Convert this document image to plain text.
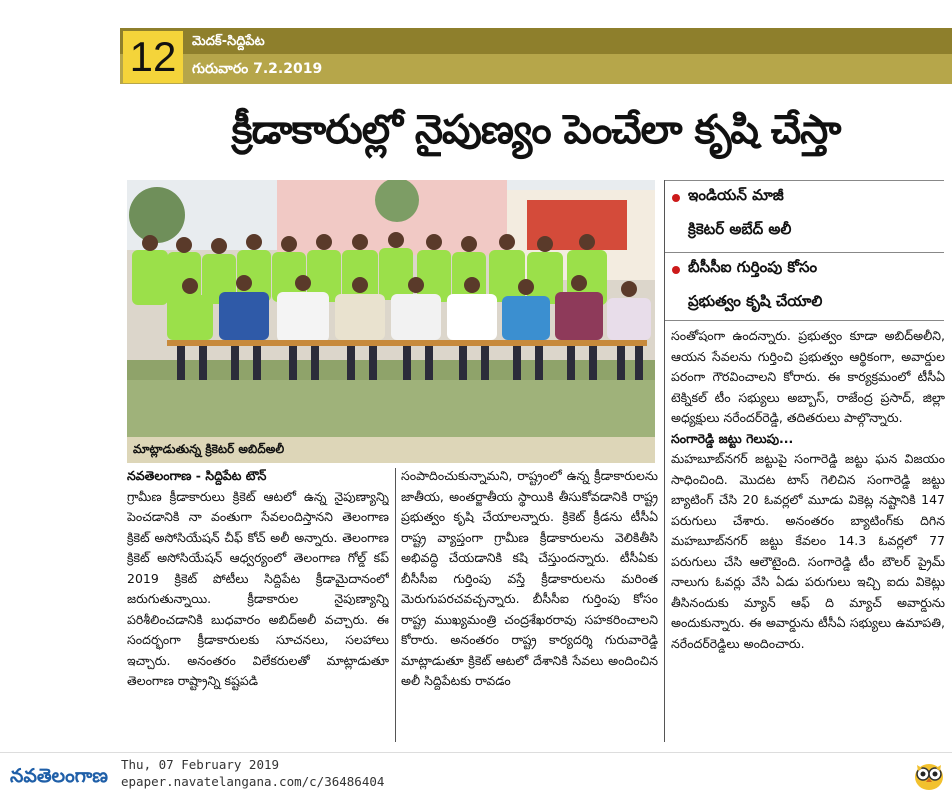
12	మెదక్-సిద్దిపేట
గురువారం 7.2.2019
క్రీడాకారుల్లో నైపుణ్యం పెంచేలా కృషి చేస్తా
మాట్లాడుతున్న క్రికెటర్ అబిద్‌అలీ
ఇండియన్ మాజీ
క్రికెటర్ అబేద్ అలీ
బీసీసీఐ గుర్తింపు కోసం
ప్రభుత్వం కృషి చేయాలి

నవతెలంగాణ - సిద్దిపేట టౌన్

గ్రామీణ క్రీడాకారులు క్రికెట్ ఆటలో ఉన్న నైపుణ్యాన్ని పెంచడానికి నా వంతుగా సేవలందిస్తానని తెలంగాణ క్రికెట్ అసోసియేషన్ చీఫ్ కోచ్ అలీ అన్నారు. తెలంగాణ క్రికెట్ అసోసియేషన్ ఆధ్వర్యంలో తెలంగాణ గోల్డ్ కప్ 2019 క్రికెట్ పోటీలు సిద్దిపేట క్రీడామైదానంలో జరుగుతున్నాయి. క్రీడాకారుల నైపుణ్యాన్ని పరిశీలించడానికి బుధవారం అబిద్‌అలీ వచ్చారు. ఈ సందర్భంగా క్రీడాకారులకు సూచనలు, సలహాలు ఇచ్చారు. అనంతరం విలేకరులతో మాట్లాడుతూ తెలంగాణ రాష్ట్రాన్ని కష్టపడి

సంపాదించుకున్నామని, రాష్ట్రంలో ఉన్న క్రీడాకారులను జాతీయ, అంతర్జాతీయ స్థాయికి తీసుకోవడానికి రాష్ట్ర ప్రభుత్వం కృషి చేయాలన్నారు. క్రికెట్ క్రీడను టీసీఏ రాష్ట్ర వ్యాప్తంగా గ్రామీణ క్రీడాకారులను వెలికితీసి అభివద్ధి చేయడానికి కషి చేస్తుందన్నారు. టీసీఏకు బీసీసీఐ గుర్తింపు వస్తే క్రీడాకారులను మరింత మెరుగుపరచవచ్చన్నారు. బీసీసీఐ గుర్తింపు కోసం రాష్ట్ర ముఖ్యమంత్రి చంద్రశేఖరరావు సహకరించాలని కోరారు. అనంతరం రాష్ట్ర కార్యదర్శి గురువారెడ్డి మాట్లాడుతూ క్రికెట్ ఆటలో దేశానికి సేవలు అందించిన అలీ సిద్దిపేటకు రావడం

సంతోషంగా ఉందన్నారు. ప్రభుత్వం కూడా అబిద్‌అలీని, ఆయన సేవలను గుర్తించి ప్రభుత్వం ఆర్థికంగా, అవార్డుల పరంగా గౌరవించాలని కోరారు. ఈ కార్యక్రమంలో టీసీఏ టెక్నికల్ టీం సభ్యులు అబ్బాస్, రాజేంద్ర ప్రసాద్, జిల్లా అధ్యక్షులు నరేందర్‌రెడ్డి, తదితరులు పాల్గొన్నారు.

సంగారెడ్డి జట్టు గెలుపు...

మహబూబ్‌నగర్ జట్టుపై సంగారెడ్డి జట్టు ఘన విజయం సాధించింది. మొదట టాస్ గెలిచిన సంగారెడ్డి జట్టు బ్యాటింగ్ చేసి 20 ఓవర్లలో మూడు వికెట్ల నష్టానికి 147 పరుగులు చేశారు. అనంతరం బ్యాటింగ్‌కు దిగిన మహబూబ్‌నగర్ జట్టు కేవలం 14.3 ఓవర్లలో 77 పరుగులు చేసి ఆలౌటైంది. సంగారెడ్డి టీం బౌలర్ ప్రైమ్ నాలుగు ఓవర్లు వేసి ఏడు పరుగులు ఇచ్చి ఐదు వికెట్లు తీసినందుకు మ్యాన్ ఆఫ్ ది మ్యాచ్ అవార్డును అందుకున్నారు. ఈ అవార్డును టీసీఏ సభ్యులు ఉమాపతి, నరేందర్‌రెడ్డిలు అందించారు.

నవతెలంగాణ
Thu, 07 February 2019
epaper.navatelangana.com/c/36486404
